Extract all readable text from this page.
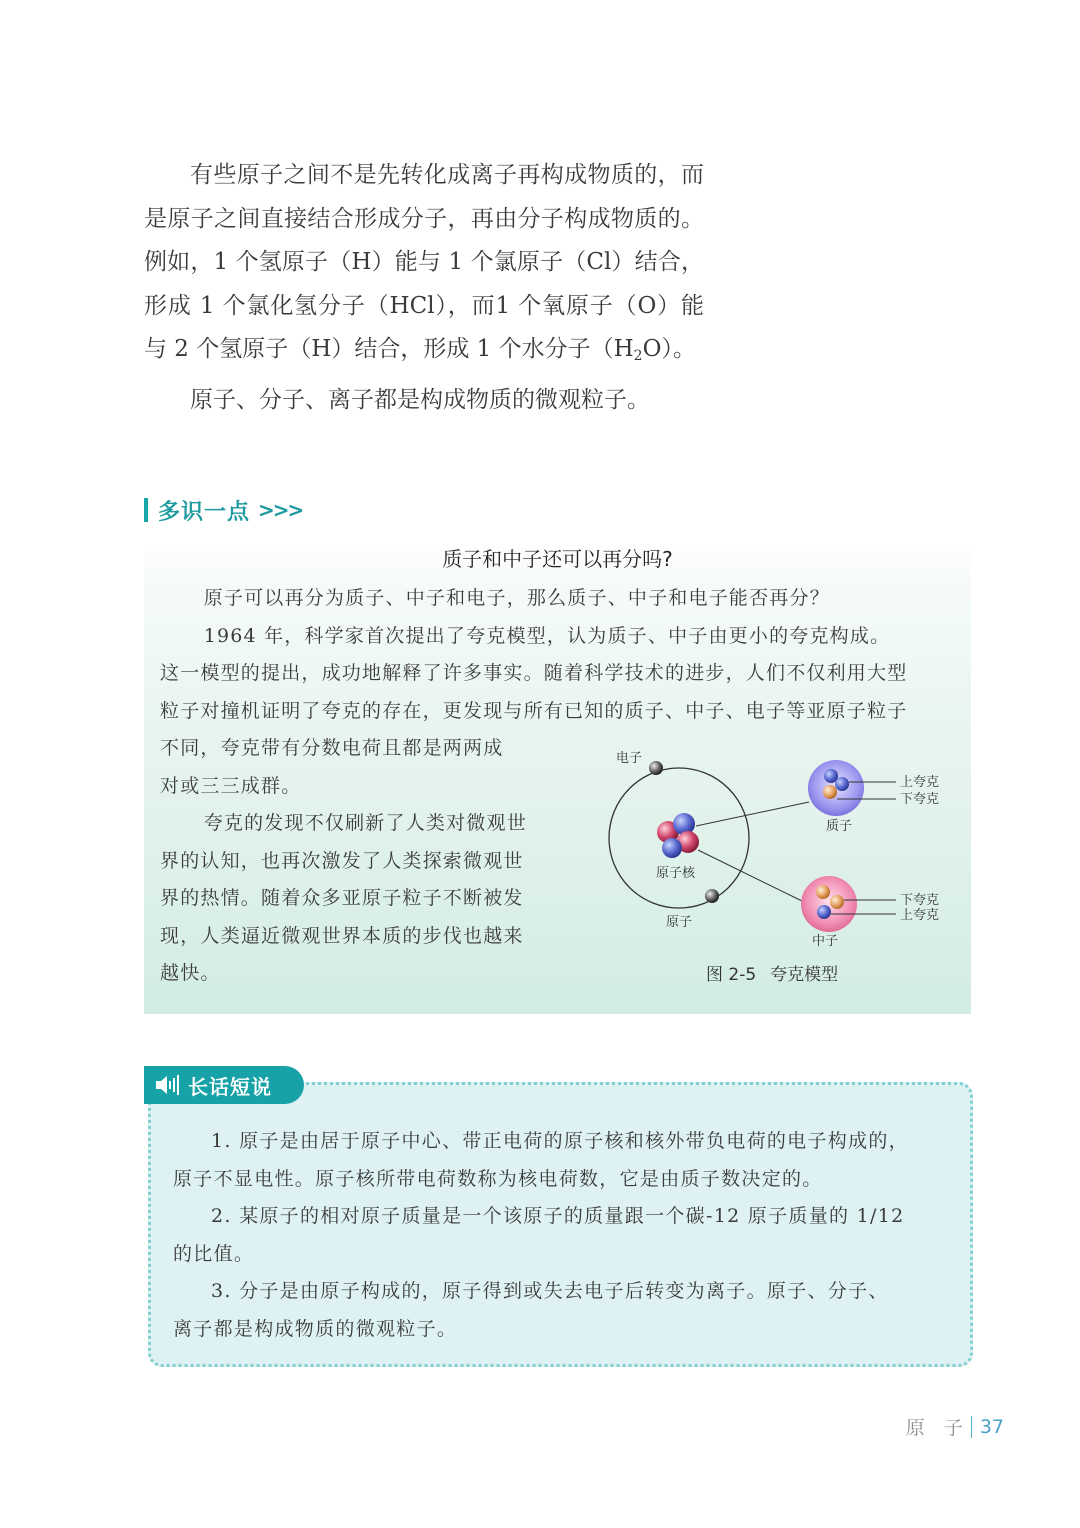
有些原子之间不是先转化成离子再构成物质的，而是原子之间直接结合形成分子，再由分子构成物质的。例如，1 个氢原子（H）能与 1 个氯原子（Cl）结合，形成 1 个氯化氢分子（HCl），而1 个氧原子（O）能与 2 个氢原子（H）结合，形成 1 个水分子$(H_2O)$。

原子、分子、离子都是构成物质的微观粒子。

多识一点 >>>
质子和中子还可以再分吗?

原子可以再分为质子、中子和电子，那么质子、中子和电子能否再分？

1964 年，科学家首次提出了夸克模型，认为质子、中子由更小的夸克构成。

这一模型的提出，成功地解释了许多事实。随着科学技术的进步，人们不仅利用大型

粒子对撞机证明了夸克的存在，更发现与所有已知的质子、中子、电子等亚原子粒子

不同，夸克带有分数电荷且都是两两成

对或三三成群。

夸克的发现不仅刷新了人类对微观世

界的认知，也再次激发了人类探索微观世

界的热情。随着众多亚原子粒子不断被发

现，人类逼近微观世界本质的步伐也越来

越快。

电子
原子核
原子
质子
中子
上夸克
下夸克
下夸克
上夸克
图 2-5 夸克模型

1. 原子是由居于原子中心、带正电荷的原子核和核外带负电荷的电子构成的，

原子不显电性。原子核所带电荷数称为核电荷数，它是由质子数决定的。

2. 某原子的相对原子质量是一个该原子的质量跟一个碳-12 原子质量的 1/12

的比值。

3. 分子是由原子构成的，原子得到或失去电子后转变为离子。原子、分子、

离子都是构成物质的微观粒子。

长话短说
原　子 37
